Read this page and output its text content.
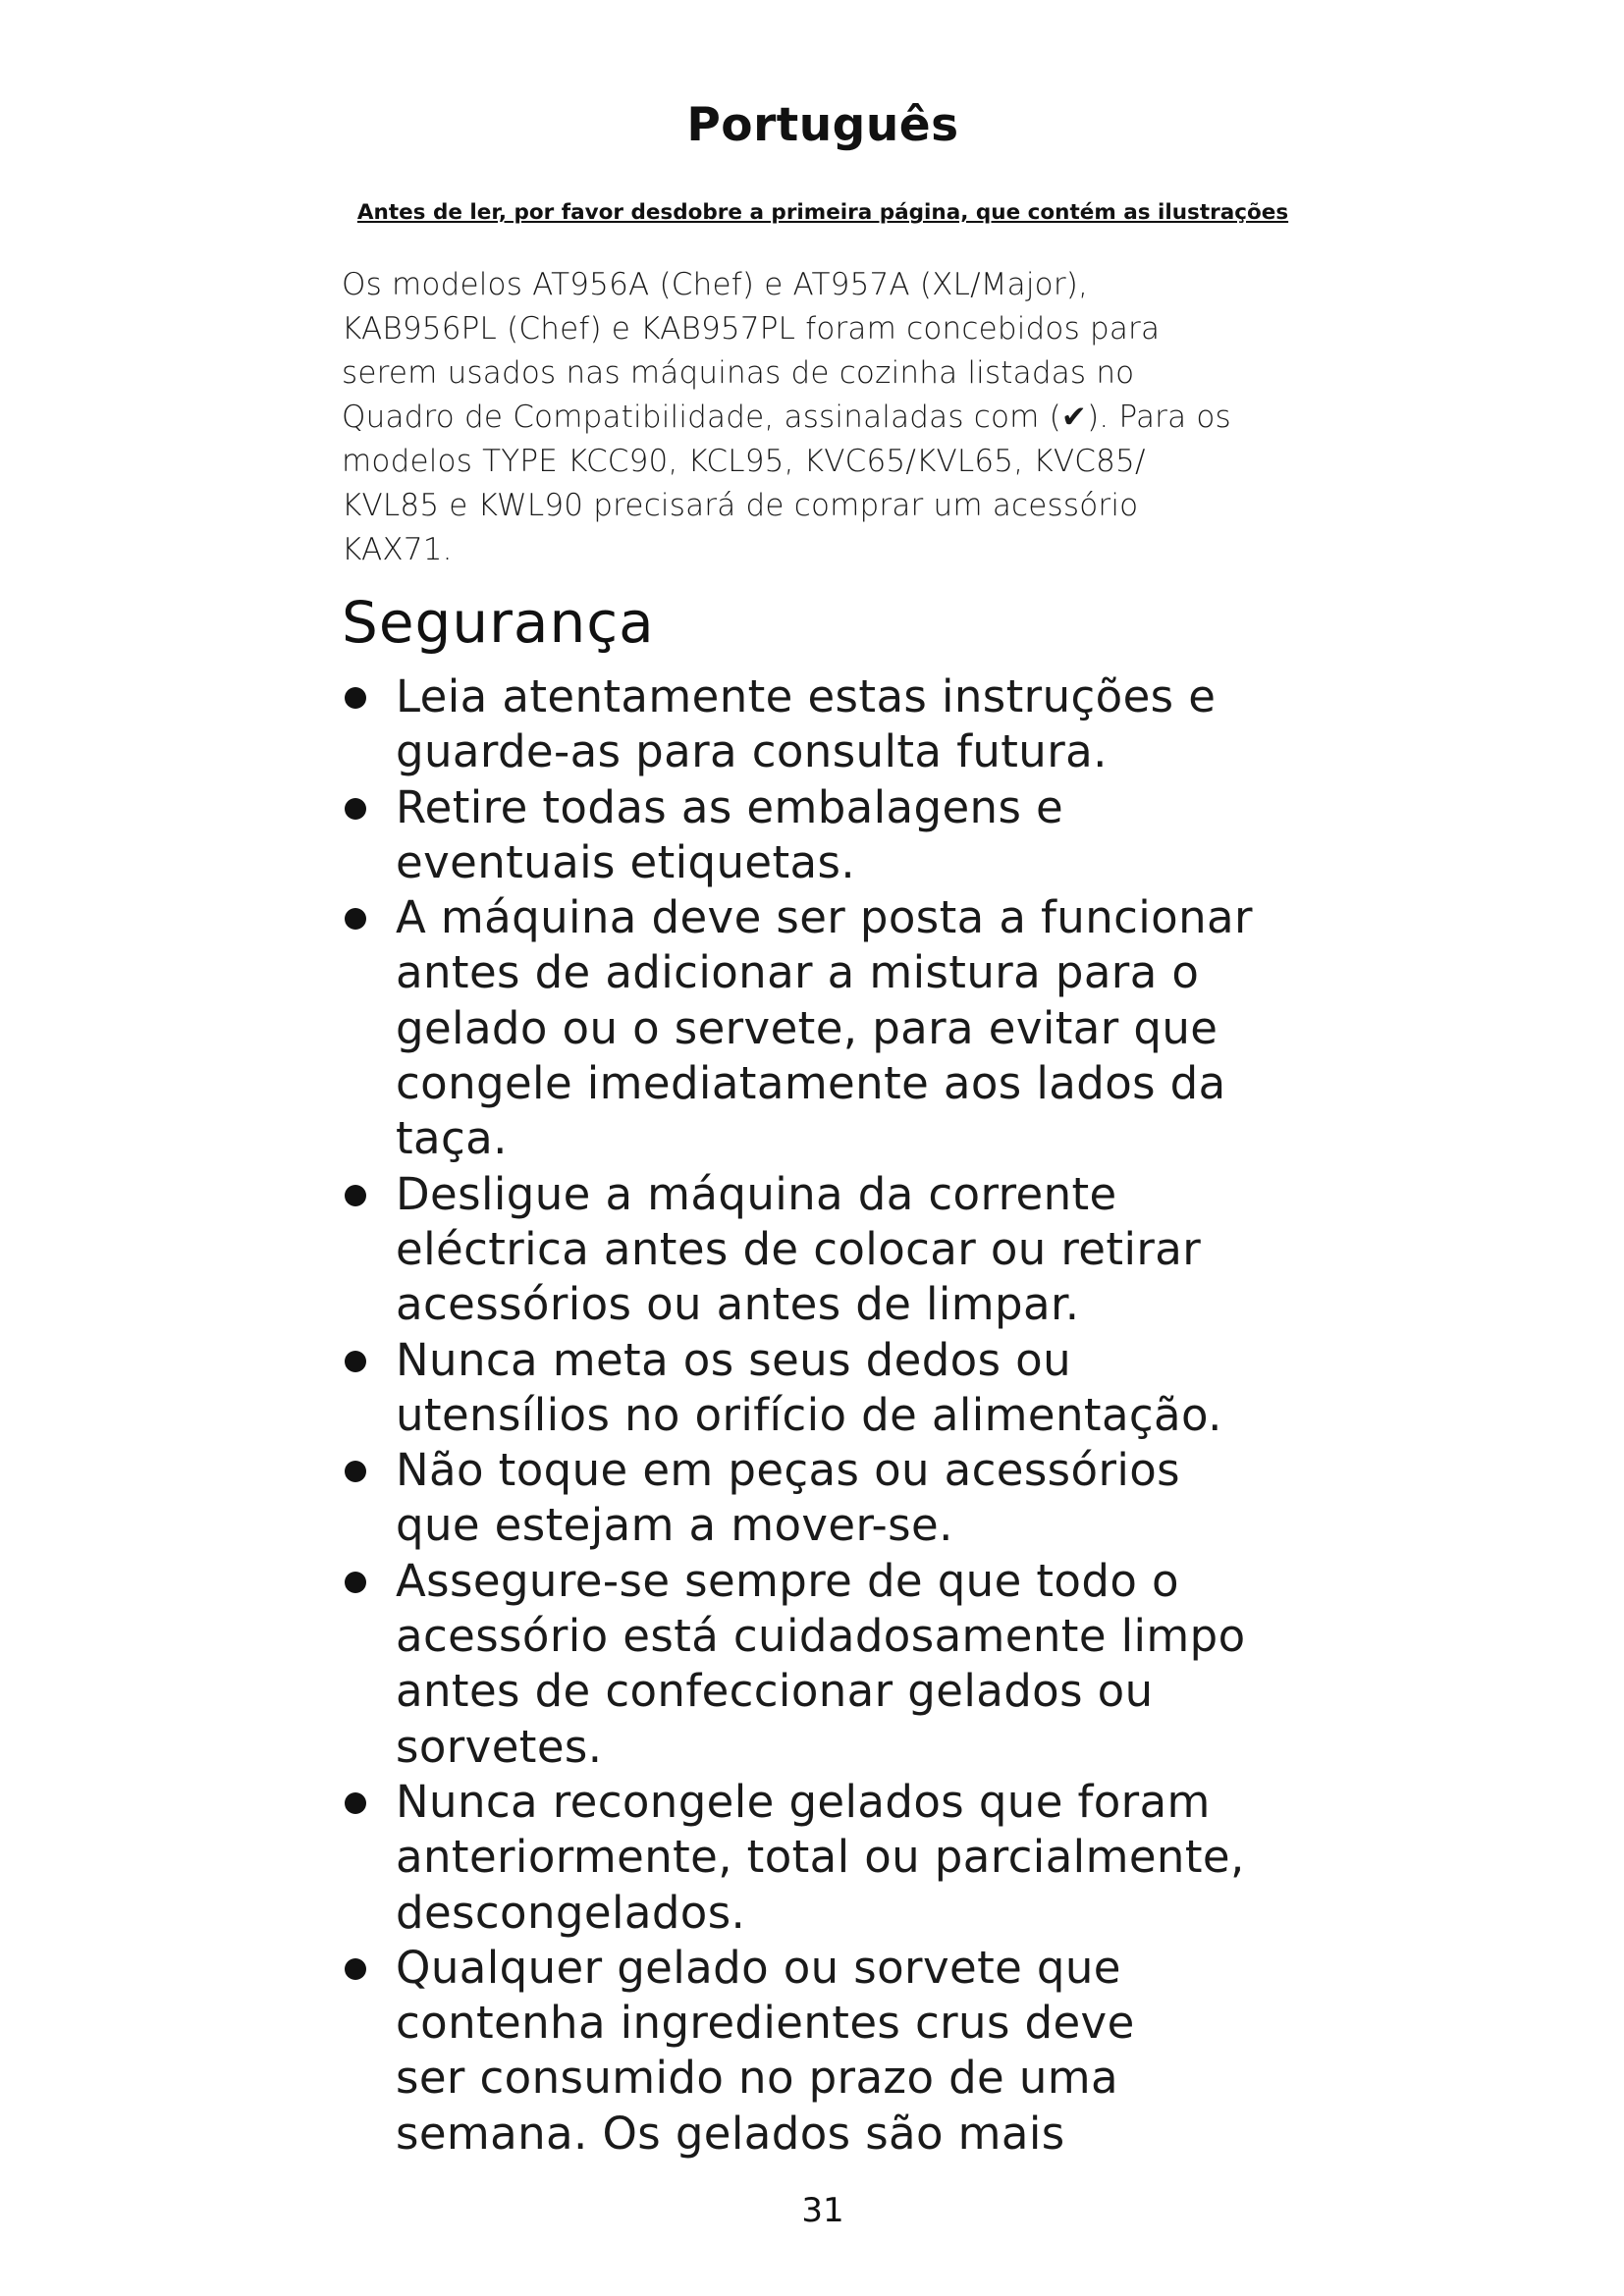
Português

Antes de ler, por favor desdobre a primeira página, que contém as ilustrações

Os modelos AT956A (Chef) e AT957A (XL/Major),
KAB956PL (Chef) e KAB957PL foram concebidos para
serem usados nas máquinas de cozinha listadas no
Quadro de Compatibilidade, assinaladas com (✔). Para os
modelos TYPE KCC90, KCL95, KVC65/KVL65, KVC85/
KVL85 e KWL90 precisará de comprar um acessório
KAX71.

Segurança
Leia atentamente estas instruções e
guarde-as para consulta futura.
Retire todas as embalagens e
eventuais etiquetas.
A máquina deve ser posta a funcionar
antes de adicionar a mistura para o
gelado ou o servete, para evitar que
congele imediatamente aos lados da
taça.
Desligue a máquina da corrente
eléctrica antes de colocar ou retirar
acessórios ou antes de limpar.
Nunca meta os seus dedos ou
utensílios no orifício de alimentação.
Não toque em peças ou acessórios
que estejam a mover-se.
Assegure-se sempre de que todo o
acessório está cuidadosamente limpo
antes de confeccionar gelados ou
sorvetes.
Nunca recongele gelados que foram
anteriormente, total ou parcialmente,
descongelados.
Qualquer gelado ou sorvete que
contenha ingredientes crus deve
ser consumido no prazo de uma
semana. Os gelados são mais

31
